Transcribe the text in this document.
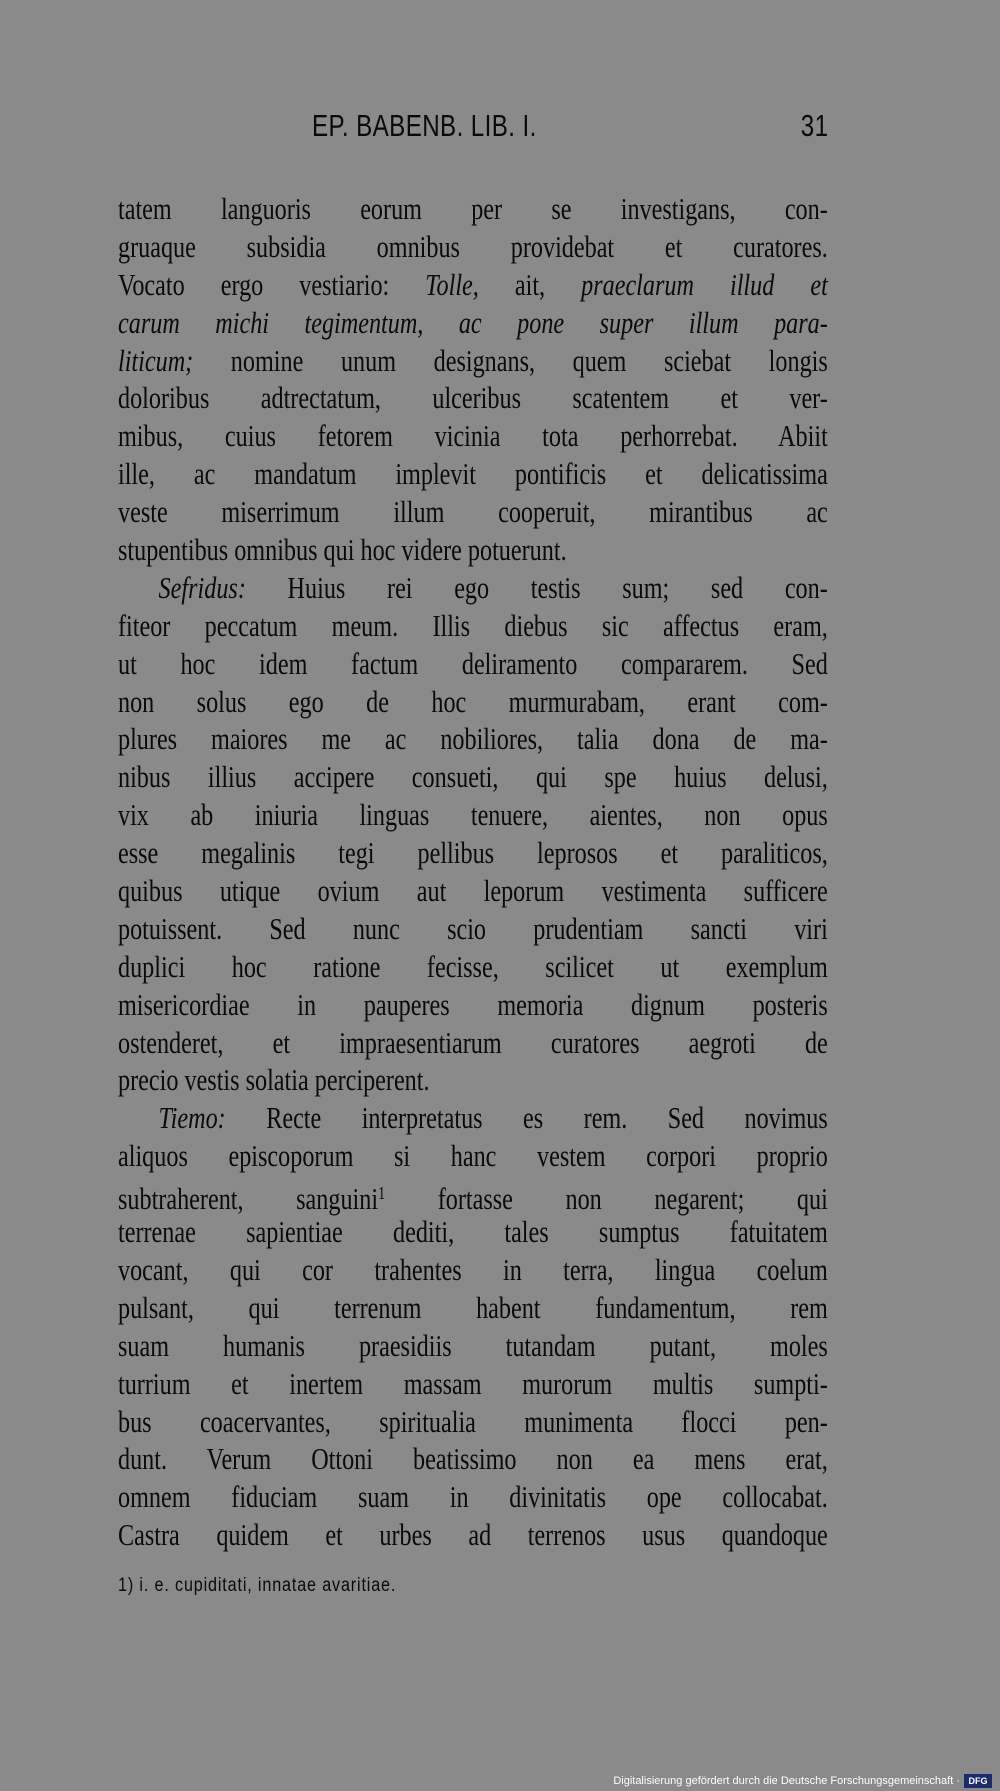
EP. BABENB. LIB. I.	31
tatem languoris eorum per se investigans, con-
gruaque subsidia omnibus providebat et curatores.
Vocato ergo vestiario: Tolle, ait, praeclarum illud et
carum michi tegimentum, ac pone super illum para-
liticum; nomine unum designans, quem sciebat longis
doloribus adtrectatum, ulceribus scatentem et ver-
mibus, cuius fetorem vicinia tota perhorrebat. Abiit
ille, ac mandatum implevit pontificis et delicatissima
veste miserrimum illum cooperuit, mirantibus ac
stupentibus omnibus qui hoc videre potuerunt.
Sefridus: Huius rei ego testis sum; sed con-
fiteor peccatum meum. Illis diebus sic affectus eram,
ut hoc idem factum deliramento compararem. Sed
non solus ego de hoc murmurabam, erant com-
plures maiores me ac nobiliores, talia dona de ma-
nibus illius accipere consueti, qui spe huius delusi,
vix ab iniuria linguas tenuere, aientes, non opus
esse megalinis tegi pellibus leprosos et paraliticos,
quibus utique ovium aut leporum vestimenta sufficere
potuissent. Sed nunc scio prudentiam sancti viri
duplici hoc ratione fecisse, scilicet ut exemplum
misericordiae in pauperes memoria dignum posteris
ostenderet, et impraesentiarum curatores aegroti de
precio vestis solatia perciperent.
Tiemo: Recte interpretatus es rem. Sed novimus
aliquos episcoporum si hanc vestem corpori proprio
subtraherent, sanguini$^1$ fortasse non negarent; qui
terrenae sapientiae dediti, tales sumptus fatuitatem
vocant, qui cor trahentes in terra, lingua coelum
pulsant, qui terrenum habent fundamentum, rem
suam humanis praesidiis tutandam putant, moles
turrium et inertem massam murorum multis sumpti-
bus coacervantes, spiritualia munimenta flocci pen-
dunt. Verum Ottoni beatissimo non ea mens erat,
omnem fiduciam suam in divinitatis ope collocabat.
Castra quidem et urbes ad terrenos usus quandoque
1) i. e. cupiditati, innatae avaritiae.
Digitalisierung gefördert durch die Deutsche Forschungsgemeinschaft · DFG
